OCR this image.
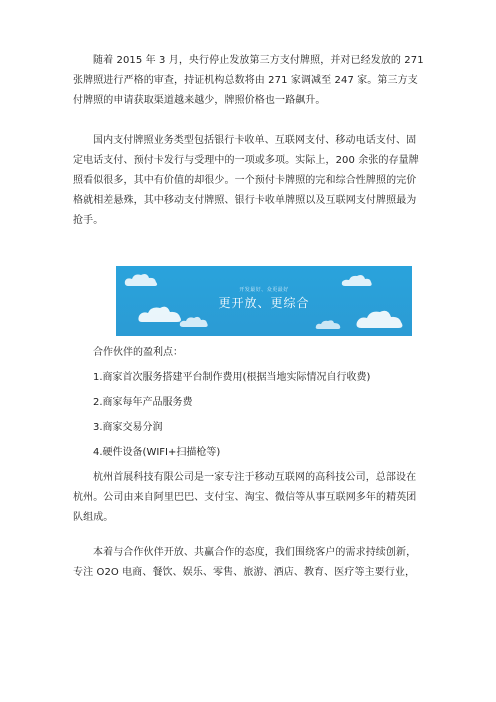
随着 2015 年 3 月，央行停止发放第三方支付牌照，并对已经发放的 271 张牌照进行严格的审查，持证机构总数将由 271 家调减至 247 家。第三方支付牌照的申请获取渠道越来越少，牌照价格也一路飙升。

国内支付牌照业务类型包括银行卡收单、互联网支付、移动电话支付、固定电话支付、预付卡发行与受理中的一项或多项。实际上，200 余张的存量牌照看似很多，其中有价值的却很少。一个预付卡牌照的完和综合性牌照的完价格就相差悬殊，其中移动支付牌照、银行卡收单牌照以及互联网支付牌照最为抢手。

开发最好、众更最好
更开放、更综合
合作伙伴的盈利点：
1.商家首次服务搭建平台制作费用(根据当地实际情况自行收费)
2.商家每年产品服务费
3.商家交易分润
4.硬件设备(WIFI+扫描枪等)

杭州首展科技有限公司是一家专注于移动互联网的高科技公司，总部设在杭州。公司由来自阿里巴巴、支付宝、淘宝、微信等从事互联网多年的精英团队组成。

本着与合作伙伴开放、共赢合作的态度，我们围绕客户的需求持续创新，专注 O2O 电商、餐饮、娱乐、零售、旅游、酒店、教育、医疗等主要行业，
